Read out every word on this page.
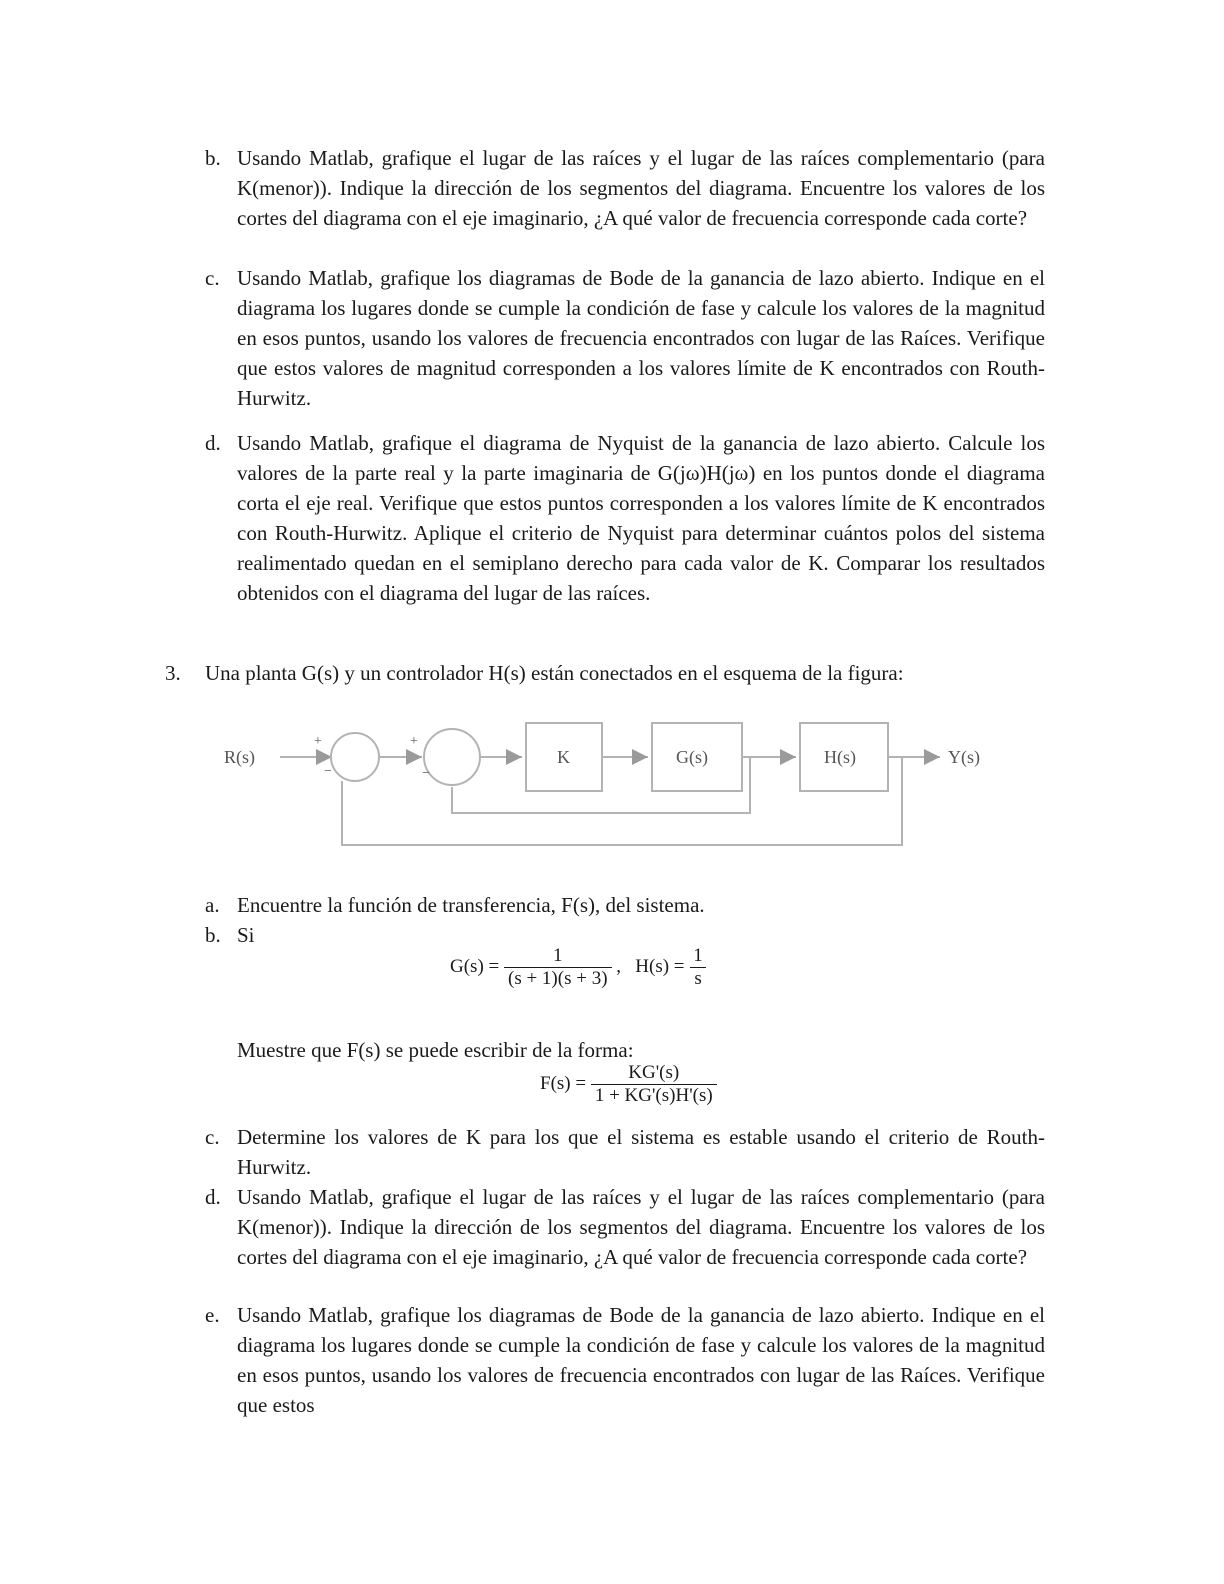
b. Usando Matlab, grafique el lugar de las raíces y el lugar de las raíces complementario (para K(menor)). Indique la dirección de los segmentos del diagrama. Encuentre los valores de los cortes del diagrama con el eje imaginario, ¿A qué valor de frecuencia corresponde cada corte?
c. Usando Matlab, grafique los diagramas de Bode de la ganancia de lazo abierto. Indique en el diagrama los lugares donde se cumple la condición de fase y calcule los valores de la magnitud en esos puntos, usando los valores de frecuencia encontrados con lugar de las Raíces. Verifique que estos valores de magnitud corresponden a los valores límite de K encontrados con Routh-Hurwitz.
d. Usando Matlab, grafique el diagrama de Nyquist de la ganancia de lazo abierto. Calcule los valores de la parte real y la parte imaginaria de G(jω)H(jω) en los puntos donde el diagrama corta el eje real. Verifique que estos puntos corresponden a los valores límite de K encontrados con Routh-Hurwitz. Aplique el criterio de Nyquist para determinar cuántos polos del sistema realimentado quedan en el semiplano derecho para cada valor de K. Comparar los resultados obtenidos con el diagrama del lugar de las raíces.
3.	Una planta G(s) y un controlador H(s) están conectados en el esquema de la figura:
R(s)	Y(s)
K	G(s)	H(s)
+
−
+
−
a. Encuentre la función de transferencia, F(s), del sistema.
b. Si
$G(s) = \frac{1}{(s + 1)(s + 3)}$ , $H(s) = \frac{1}{s}$
Muestre que F(s) se puede escribir de la forma:
$F(s) = \frac{KG'(s)}{1 + KG'(s)H'(s)}$
c. Determine los valores de K para los que el sistema es estable usando el criterio de Routh-Hurwitz.
d. Usando Matlab, grafique el lugar de las raíces y el lugar de las raíces complementario (para K(menor)). Indique la dirección de los segmentos del diagrama. Encuentre los valores de los cortes del diagrama con el eje imaginario, ¿A qué valor de frecuencia corresponde cada corte?
e. Usando Matlab, grafique los diagramas de Bode de la ganancia de lazo abierto. Indique en el diagrama los lugares donde se cumple la condición de fase y calcule los valores de la magnitud en esos puntos, usando los valores de frecuencia encontrados con lugar de las Raíces. Verifique que estos
